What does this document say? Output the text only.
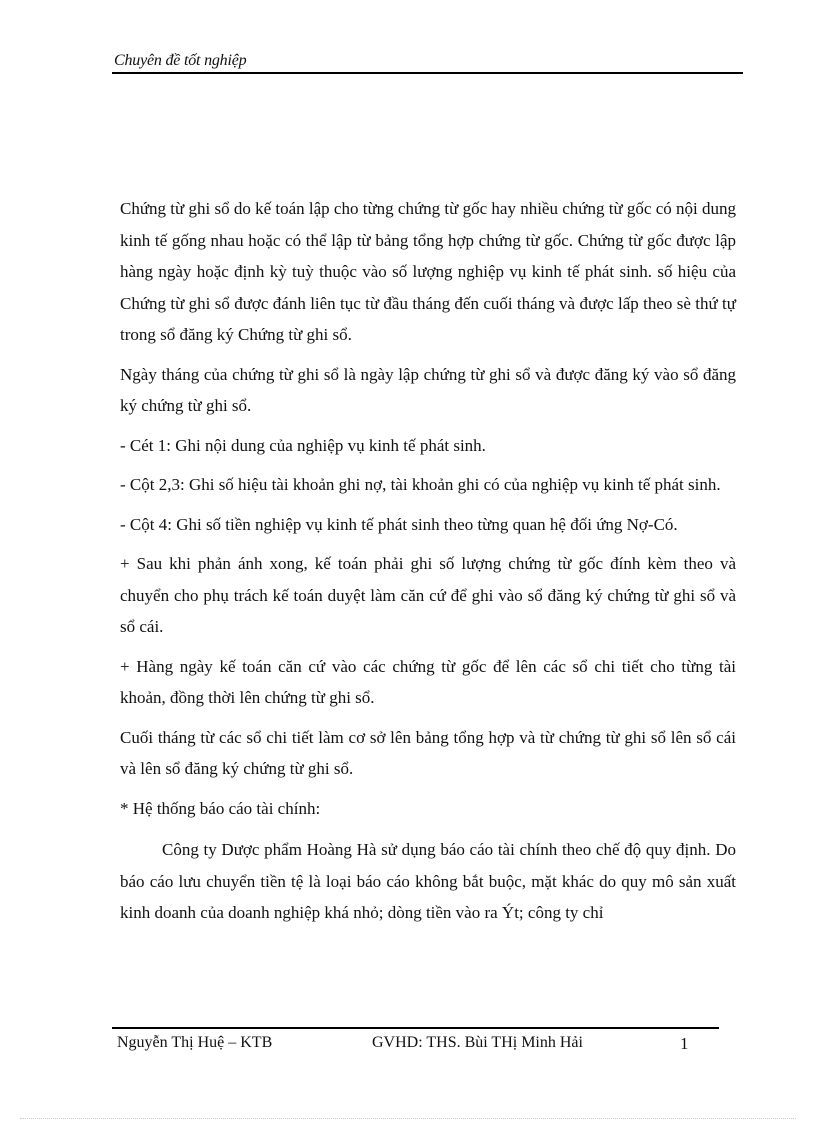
Chuyên đề tốt nghiệp

Chứng từ ghi sổ do kế toán lập cho từng chứng từ gốc hay nhiều chứng từ gốc có nội dung kinh tế gống nhau hoặc có thể lập từ bảng tổng hợp chứng từ gốc. Chứng từ gốc được lập hàng ngày hoặc định kỳ tuỳ thuộc vào số lượng nghiệp vụ kinh tế phát sinh. số hiệu của Chứng từ ghi sổ được đánh liên tục từ đầu tháng đến cuối tháng và được lấp theo sè thứ tự trong sổ đăng ký Chứng từ ghi sổ.

Ngày tháng của chứng từ ghi sổ là ngày lập chứng từ ghi sổ và được đăng ký vào sổ đăng ký chứng từ ghi sổ.

- Cét 1: Ghi nội dung của nghiệp vụ kinh tế phát sinh.

- Cột 2,3: Ghi số hiệu tài khoản ghi nợ, tài khoản ghi có của nghiệp vụ kinh tế phát sinh.

- Cột 4: Ghi số tiền nghiệp vụ kinh tế phát sinh theo từng quan hệ đối ứng Nợ-Có.

+ Sau khi phản ánh xong, kế toán phải ghi số lượng chứng từ gốc đính kèm theo và chuyển cho phụ trách kế toán duyệt làm căn cứ để ghi vào sổ đăng ký chứng từ ghi sổ và sổ cái.

+ Hàng ngày kế toán căn cứ vào các chứng từ gốc để lên các sổ chi tiết cho từng tài khoản, đồng thời lên chứng từ ghi sổ.

Cuối tháng từ các sổ chi tiết làm cơ sở lên bảng tổng hợp và từ chứng từ ghi sổ lên sổ cái và lên sổ đăng ký chứng từ ghi sổ.

* Hệ thống báo cáo tài chính:

Công ty Dược phẩm Hoàng Hà sử dụng báo cáo tài chính theo chế độ quy định. Do báo cáo lưu chuyển tiền tệ là loại báo cáo không bắt buộc, mặt khác do quy mô sản xuất kinh doanh của doanh nghiệp khá nhỏ; dòng tiền vào ra Ýt; công ty chỉ

Nguyễn Thị Huệ – KTB	GVHD: THS. Bùi THị Minh Hải	1
